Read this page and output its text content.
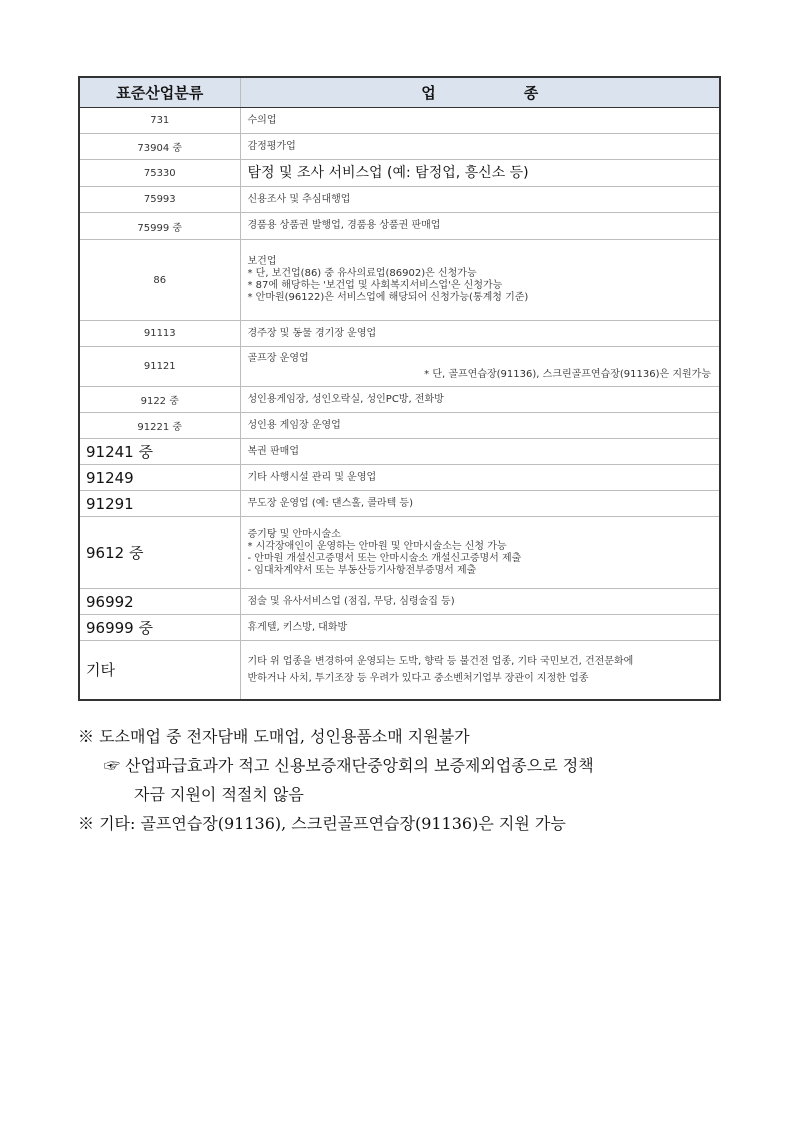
표준산업분류	업 종
731	수의업

73904 중	감정평가업

75330	탐정 및 조사 서비스업 (예: 탐정업, 흥신소 등)

75993	신용조사 및 추심대행업

75999 중	경품용 상품권 발행업, 경품용 상품권 판매업

86	보건업
* 단, 보건업(86) 중 유사의료업(86902)은 신청가능
* 87에 해당하는 '보건업 및 사회복지서비스업'은 신청가능
* 안마원(96122)은 서비스업에 해당되어 신청가능(통계청 기준)

91113	경주장 및 동물 경기장 운영업

91121	골프장 운영업
* 단, 골프연습장(91136), 스크린골프연습장(91136)은 지원가능

9122 중	성인용게임장, 성인오락실, 성인PC방, 전화방

91221 중	성인용 게임장 운영업

91241 중	복권 판매업

91249	기타 사행시설 관리 및 운영업

91291	무도장 운영업 (예: 댄스홀, 콜라텍 등)

9612 중	증기탕 및 안마시술소
* 시각장애인이 운영하는 안마원 및 안마시술소는 신청 가능
- 안마원 개설신고증명서 또는 안마시술소 개설신고증명서 제출
- 임대차계약서 또는 부동산등기사항전부증명서 제출

96992	점술 및 유사서비스업 (점집, 무당, 심령술집 등)

96999 중	휴게텔, 키스방, 대화방

기타	기타 위 업종을 변경하여 운영되는 도박, 향락 등 불건전 업종, 기타 국민보건, 건전문화에
반하거나 사치, 투기조장 등 우려가 있다고 중소벤처기업부 장관이 지정한 업종
※ 도소매업 중 전자담배 도매업, 성인용품소매 지원불가
☞ 산업파급효과가 적고 신용보증재단중앙회의 보증제외업종으로 정책
자금 지원이 적절치 않음
※ 기타: 골프연습장(91136), 스크린골프연습장(91136)은 지원 가능
